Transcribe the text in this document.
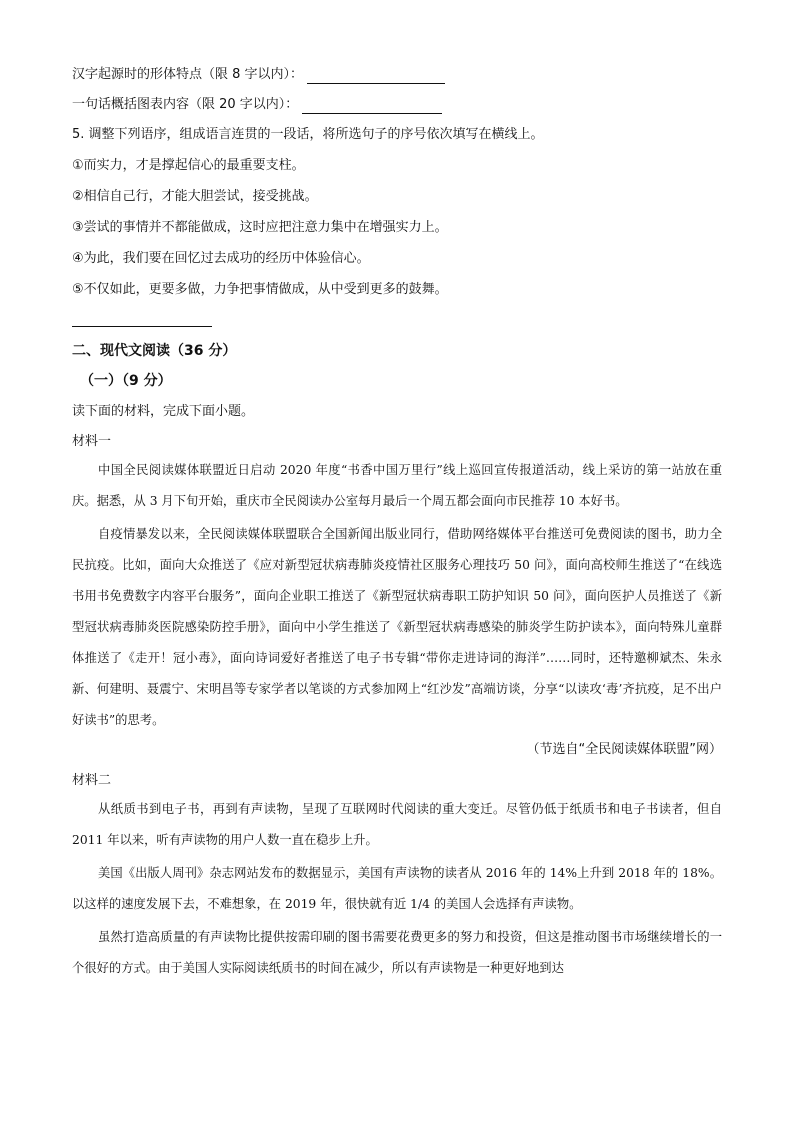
汉字起源时的形体特点（限 8 字以内）：

一句话概括图表内容（限 20 字以内）：

5. 调整下列语序，组成语言连贯的一段话，将所选句子的序号依次填写在横线上。

①而实力，才是撑起信心的最重要支柱。

②相信自己行，才能大胆尝试，接受挑战。

③尝试的事情并不都能做成，这时应把注意力集中在增强实力上。

④为此，我们要在回忆过去成功的经历中体验信心。

⑤不仅如此，更要多做，力争把事情做成，从中受到更多的鼓舞。

二、现代文阅读（36 分）

（一）（9 分）

读下面的材料，完成下面小题。

材料一

中国全民阅读媒体联盟近日启动 2020 年度“书香中国万里行”线上巡回宣传报道活动，线上采访的第一站放在重庆。据悉，从 3 月下旬开始，重庆市全民阅读办公室每月最后一个周五都会面向市民推荐 10 本好书。

自疫情暴发以来，全民阅读媒体联盟联合全国新闻出版业同行，借助网络媒体平台推送可免费阅读的图书，助力全民抗疫。比如，面向大众推送了《应对新型冠状病毒肺炎疫情社区服务心理技巧 50 问》，面向高校师生推送了“在线选书用书免费数字内容平台服务”，面向企业职工推送了《新型冠状病毒职工防护知识 50 问》，面向医护人员推送了《新型冠状病毒肺炎医院感染防控手册》，面向中小学生推送了《新型冠状病毒感染的肺炎学生防护读本》，面向特殊儿童群体推送了《走开！冠小毒》，面向诗词爱好者推送了电子书专辑“带你走进诗词的海洋”……同时，还特邀柳斌杰、朱永新、何建明、聂震宁、宋明昌等专家学者以笔谈的方式参加网上“红沙发”高端访谈，分享“以读攻‘毒’齐抗疫，足不出户好读书”的思考。

（节选自“全民阅读媒体联盟”网）

材料二

从纸质书到电子书，再到有声读物，呈现了互联网时代阅读的重大变迁。尽管仍低于纸质书和电子书读者，但自 2011 年以来，听有声读物的用户人数一直在稳步上升。

美国《出版人周刊》杂志网站发布的数据显示，美国有声读物的读者从 2016 年的 14%上升到 2018 年的 18%。以这样的速度发展下去，不难想象，在 2019 年，很快就有近 1/4 的美国人会选择有声读物。

虽然打造高质量的有声读物比提供按需印刷的图书需要花费更多的努力和投资，但这是推动图书市场继续增长的一个很好的方式。由于美国人实际阅读纸质书的时间在减少，所以有声读物是一种更好地到达
